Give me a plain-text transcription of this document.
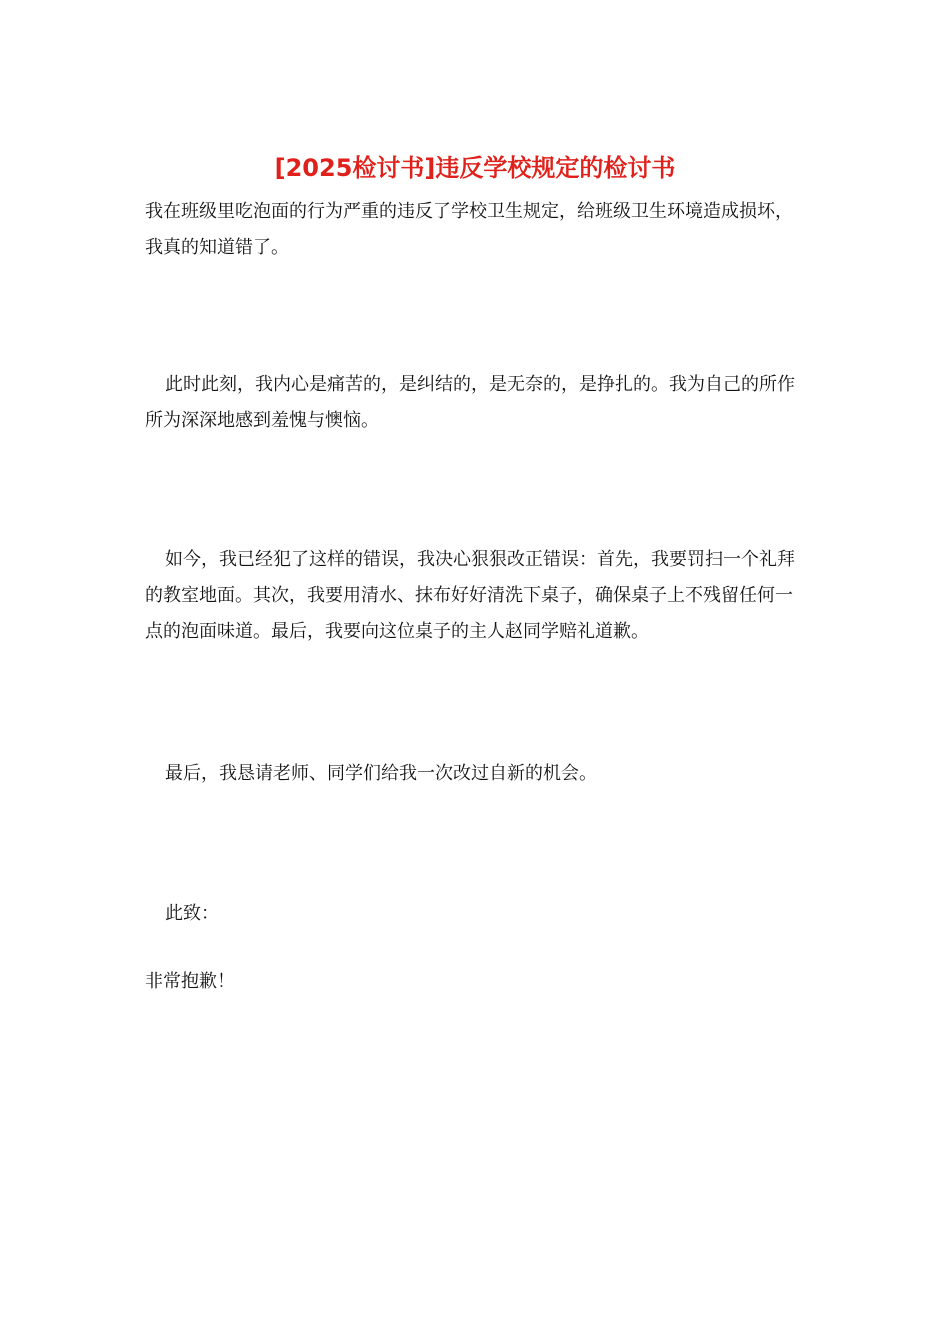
[2025检讨书]违反学校规定的检讨书

我在班级里吃泡面的行为严重的违反了学校卫生规定，给班级卫生环境造成损坏，我真的知道错了。

此时此刻，我内心是痛苦的，是纠结的，是无奈的，是挣扎的。我为自己的所作所为深深地感到羞愧与懊恼。

如今，我已经犯了这样的错误，我决心狠狠改正错误：首先，我要罚扫一个礼拜的教室地面。其次，我要用清水、抹布好好清洗下桌子，确保桌子上不残留任何一点的泡面味道。最后，我要向这位桌子的主人赵同学赔礼道歉。

最后，我恳请老师、同学们给我一次改过自新的机会。

此致：

非常抱歉！
